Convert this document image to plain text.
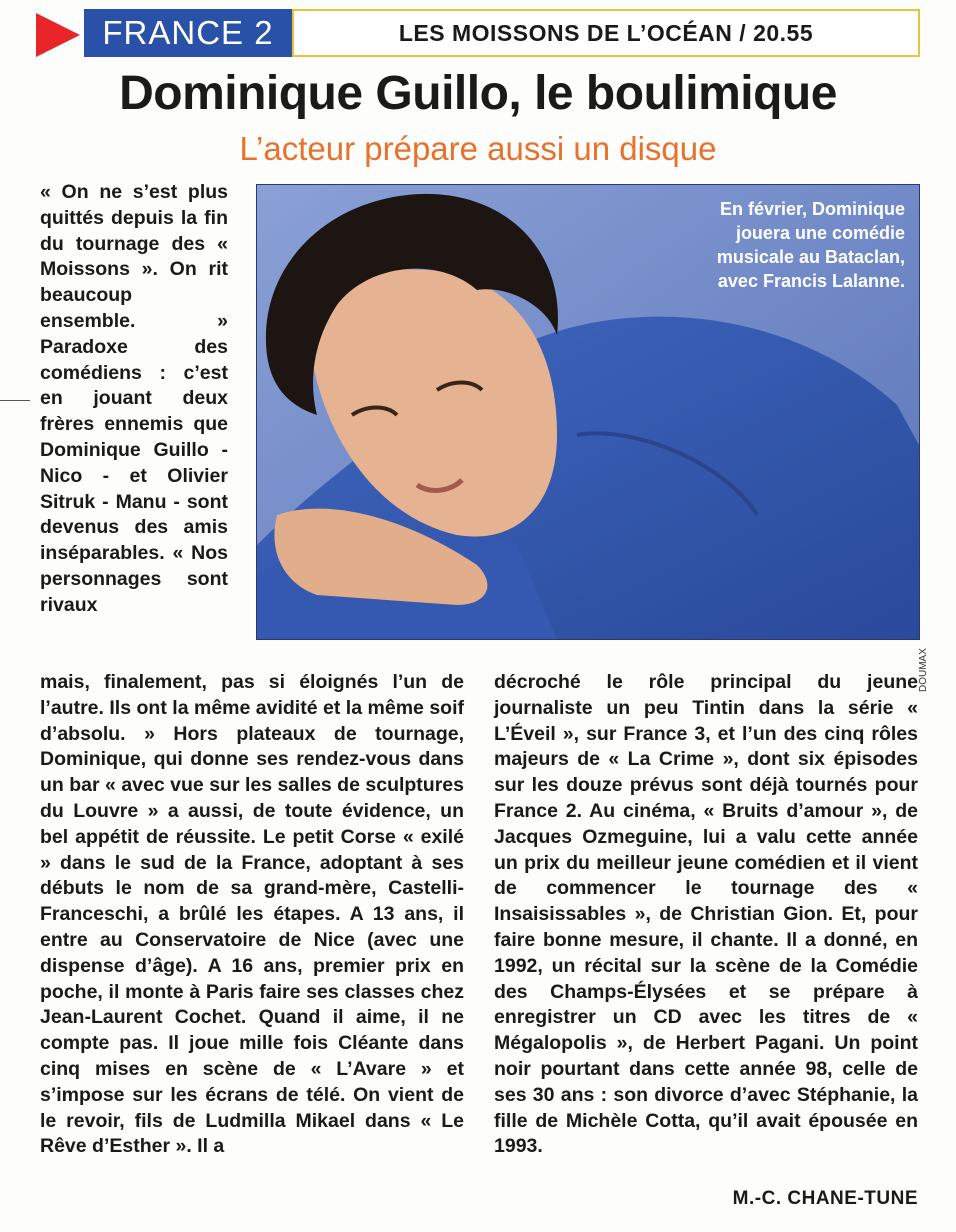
FRANCE 2	LES MOISSONS DE L’OCÉAN / 20.55
Dominique Guillo, le boulimique
L’acteur prépare aussi un disque

« On ne s’est plus quittés depuis la fin du tournage des « Moissons ». On rit beaucoup ensemble. » Paradoxe des comédiens : c’est en jouant deux frères ennemis que Dominique Guillo - Nico - et Olivier Sitruk - Manu - sont devenus des amis inséparables. « Nos personnages sont rivaux

En février, Dominique jouera une comédie musicale au Bataclan, avec Francis Lalanne.

DOUMAX

mais, finalement, pas si éloignés l’un de l’autre. Ils ont la même avidité et la même soif d’absolu. » Hors plateaux de tournage, Dominique, qui donne ses rendez-vous dans un bar « avec vue sur les salles de sculptures du Louvre » a aussi, de toute évidence, un bel appétit de réussite. Le petit Corse « exilé » dans le sud de la France, adoptant à ses débuts le nom de sa grand-mère, Castelli-Franceschi, a brûlé les étapes. A 13 ans, il entre au Conservatoire de Nice (avec une dispense d’âge). A 16 ans, premier prix en poche, il monte à Paris faire ses classes chez Jean-Laurent Cochet. Quand il aime, il ne compte pas. Il joue mille fois Cléante dans cinq mises en scène de « L’Avare » et s’impose sur les écrans de télé. On vient de le revoir, fils de Ludmilla Mikael dans « Le Rêve d’Esther ». Il a

décroché le rôle principal du jeune journaliste un peu Tintin dans la série « L’Éveil », sur France 3, et l’un des cinq rôles majeurs de « La Crime », dont six épisodes sur les douze prévus sont déjà tournés pour France 2. Au cinéma, « Bruits d’amour », de Jacques Ozmeguine, lui a valu cette année un prix du meilleur jeune comédien et il vient de commencer le tournage des « Insaisissables », de Christian Gion. Et, pour faire bonne mesure, il chante. Il a donné, en 1992, un récital sur la scène de la Comédie des Champs-Élysées et se prépare à enregistrer un CD avec les titres de « Mégalopolis », de Herbert Pagani. Un point noir pourtant dans cette année 98, celle de ses 30 ans : son divorce d’avec Stéphanie, la fille de Michèle Cotta, qu’il avait épousée en 1993.

M.-C. CHANE-TUNE
